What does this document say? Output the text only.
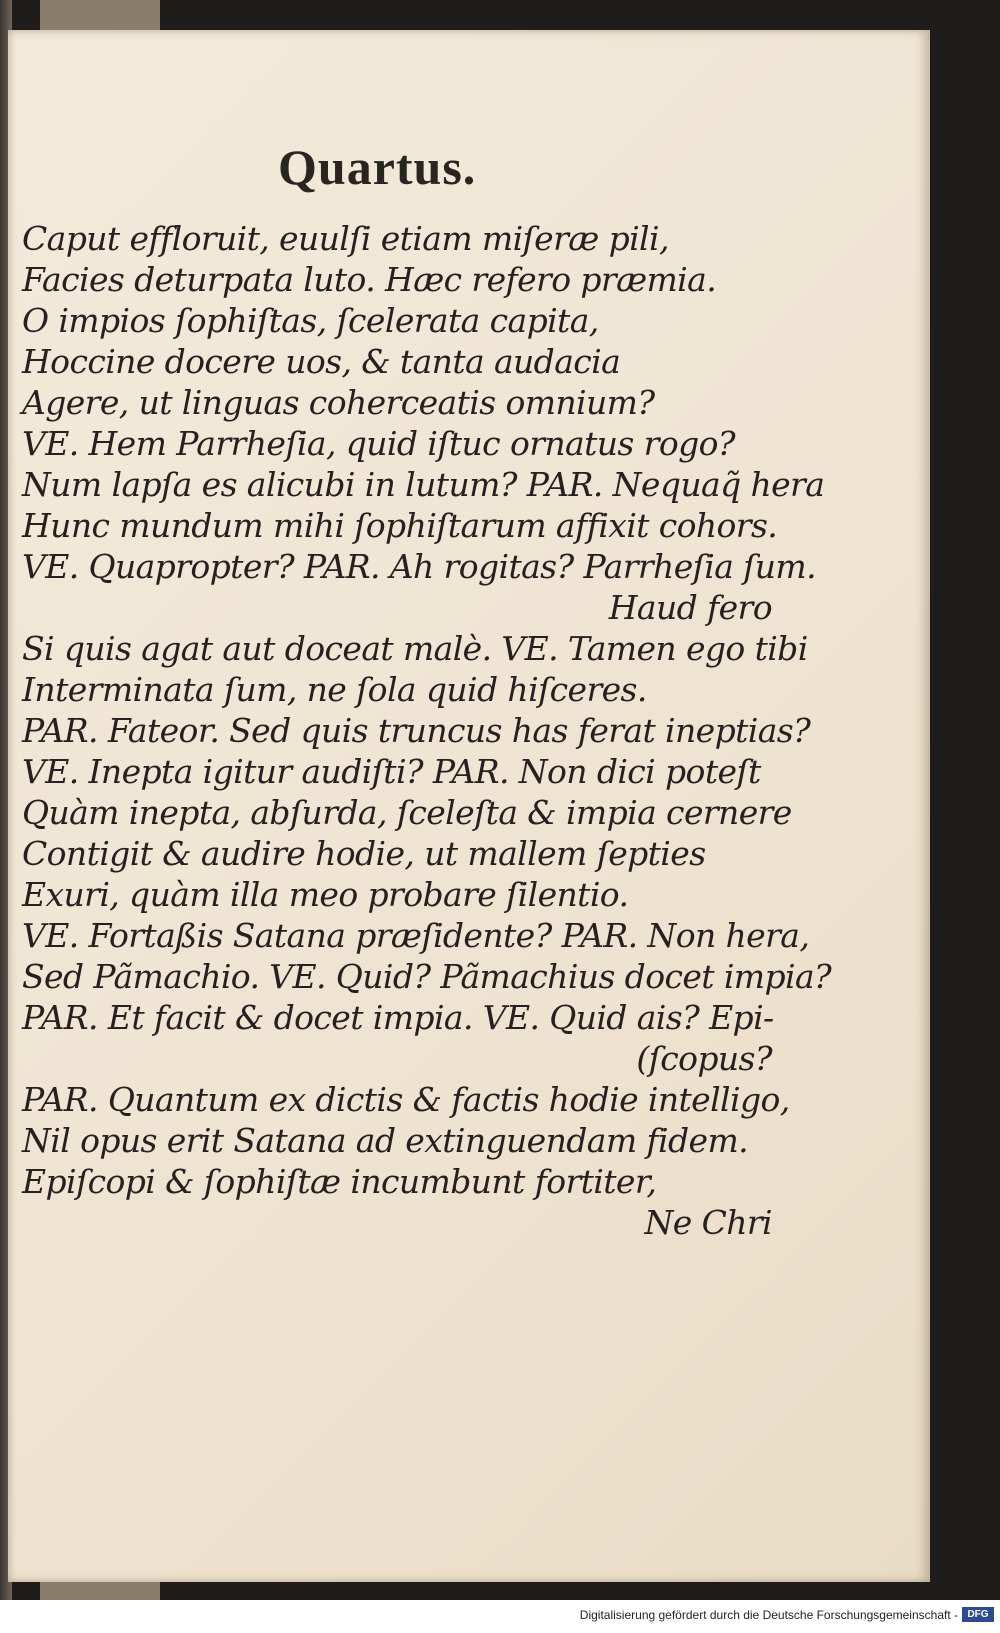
Quartus.
Caput effloruit, euulſi etiam miſeræ pili,
Facies deturpata luto. Hæc refero præmia.
O impios ſophiſtas, ſcelerata capita,
Hoccine docere uos, & tanta audacia
Agere, ut linguas coherceatis omnium?
VE. Hem Parrheſia, quid iſtuc ornatus rogo?
Num lapſa es alicubi in lutum? PAR. Nequaq̃ hera
Hunc mundum mihi ſophiſtarum affixit cohors.
VE. Quapropter? PAR. Ah rogitas? Parrheſia ſum.
Haud fero
Si quis agat aut doceat malè. VE. Tamen ego tibi
Interminata ſum, ne ſola quid hiſceres.
PAR. Fateor. Sed quis truncus has ferat ineptias?
VE. Inepta igitur audiſti? PAR. Non dici poteſt
Quàm inepta, abſurda, ſceleſta & impia cernere
Contigit & audire hodie, ut mallem ſepties
Exuri, quàm illa meo probare ſilentio.
VE. Fortaßis Satana præſidente? PAR. Non hera,
Sed Pãmachio. VE. Quid? Pãmachius docet impia?
PAR. Et facit & docet impia. VE. Quid ais? Epi-
(ſcopus?
PAR. Quantum ex dictis & factis hodie intelligo,
Nil opus erit Satana ad extinguendam fidem.
Epiſcopi & ſophiſtæ incumbunt fortiter,
Ne Chri
Digitalisierung gefördert durch die Deutsche Forschungsgemeinschaft - DFG
